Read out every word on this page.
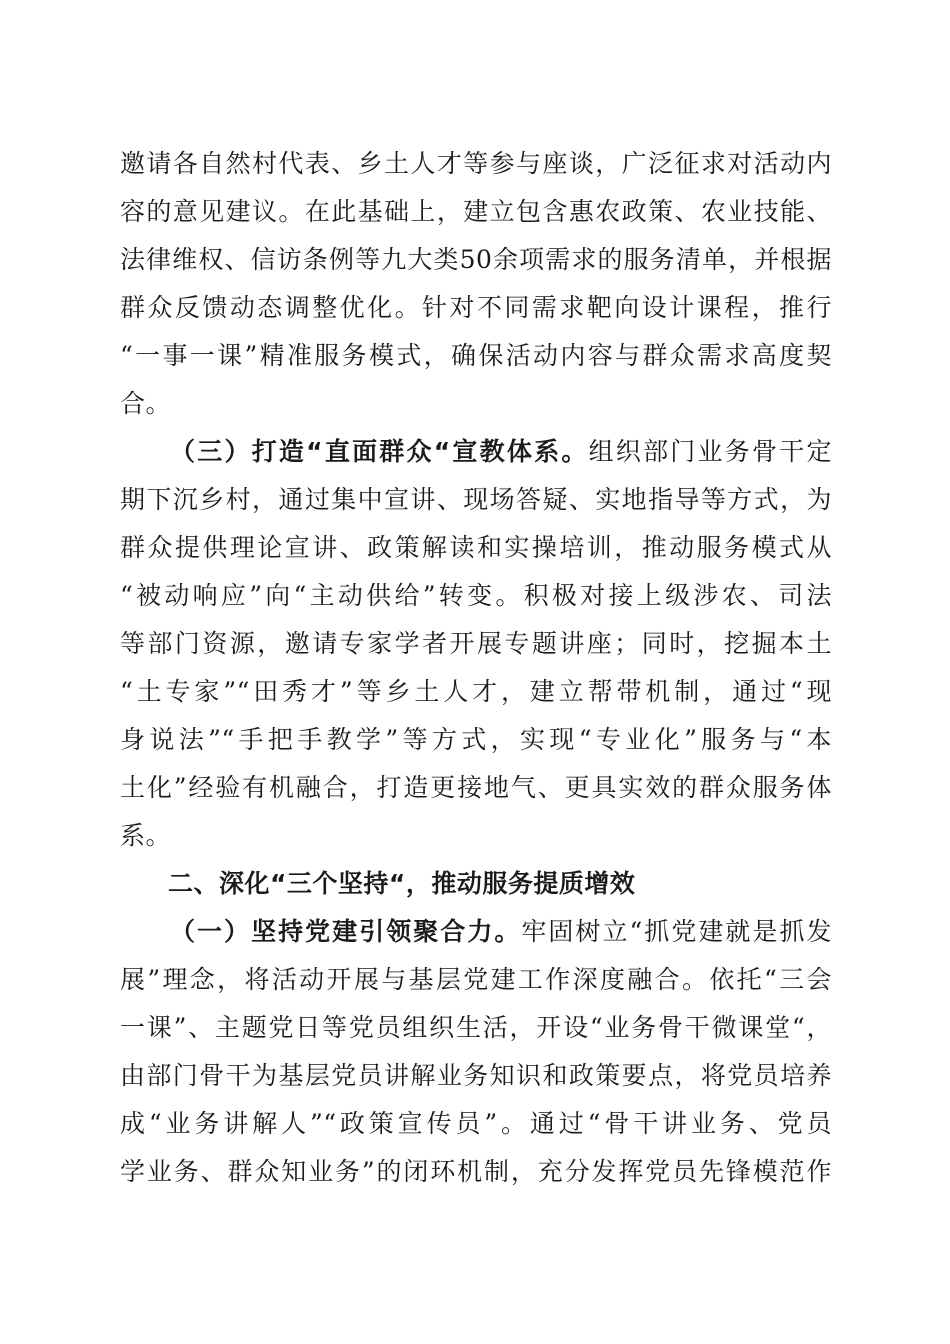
邀请各自然村代表、乡土人才等参与座谈，广泛征求对活动内
容的意见建议。在此基础上，建立包含惠农政策、农业技能、
法律维权、信访条例等九大类50余项需求的服务清单，并根据
群众反馈动态调整优化。针对不同需求靶向设计课程，推行
“一事一课”精准服务模式，确保活动内容与群众需求高度契
合。
（三）打造“直面群众“宣教体系。组织部门业务骨干定
期下沉乡村，通过集中宣讲、现场答疑、实地指导等方式，为
群众提供理论宣讲、政策解读和实操培训，推动服务模式从
“被动响应”向“主动供给”转变。积极对接上级涉农、司法
等部门资源，邀请专家学者开展专题讲座；同时，挖掘本土
“土专家”“田秀才”等乡土人才，建立帮带机制，通过“现
身说法”“手把手教学”等方式，实现“专业化”服务与“本
土化”经验有机融合，打造更接地气、更具实效的群众服务体
系。
二、深化“三个坚持“，推动服务提质增效
（一）坚持党建引领聚合力。牢固树立“抓党建就是抓发
展”理念，将活动开展与基层党建工作深度融合。依托“三会
一课”、主题党日等党员组织生活，开设“业务骨干微课堂“，
由部门骨干为基层党员讲解业务知识和政策要点，将党员培养
成“业务讲解人”“政策宣传员”。通过“骨干讲业务、党员
学业务、群众知业务”的闭环机制，充分发挥党员先锋模范作
